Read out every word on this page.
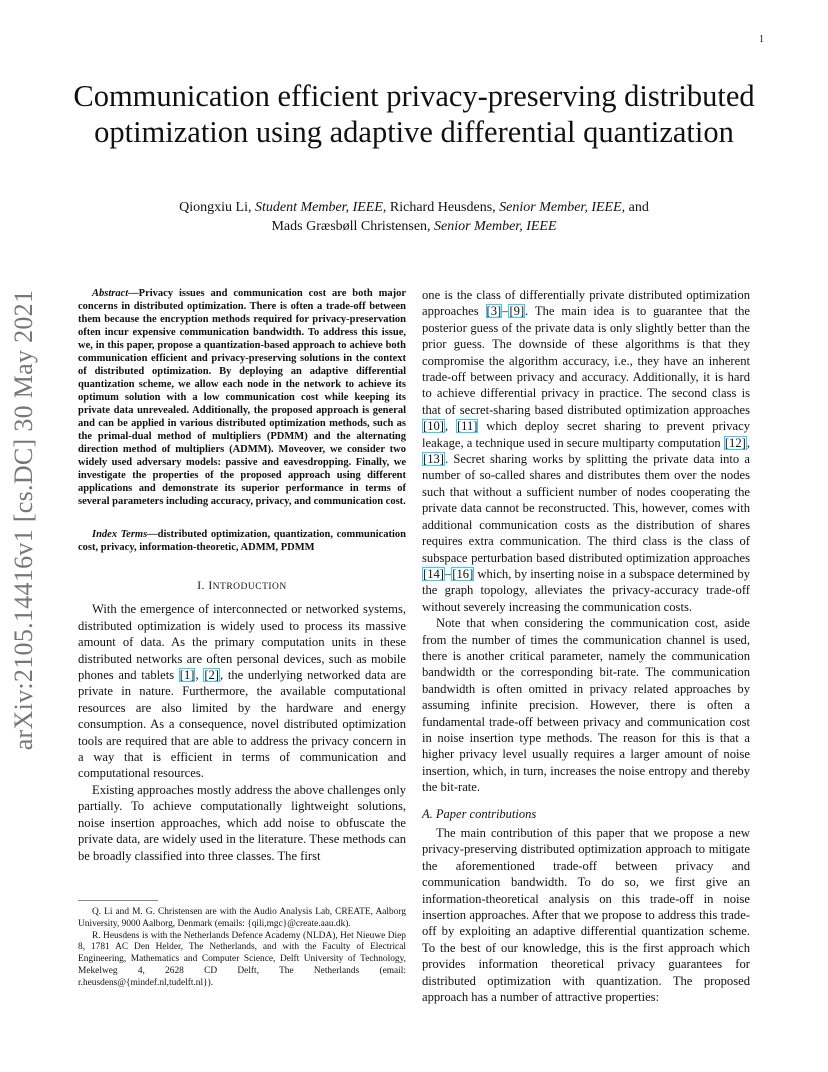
1
arXiv:2105.14416v1 [cs.DC] 30 May 2021
Communication efficient privacy-preserving distributed optimization using adaptive differential quantization
Qiongxiu Li, Student Member, IEEE, Richard Heusdens, Senior Member, IEEE, and
Mads Græsbøll Christensen, Senior Member, IEEE

Abstract—Privacy issues and communication cost are both major concerns in distributed optimization. There is often a trade-off between them because the encryption methods required for privacy-preservation often incur expensive communication bandwidth. To address this issue, we, in this paper, propose a quantization-based approach to achieve both communication efficient and privacy-preserving solutions in the context of distributed optimization. By deploying an adaptive differential quantization scheme, we allow each node in the network to achieve its optimum solution with a low communication cost while keeping its private data unrevealed. Additionally, the proposed approach is general and can be applied in various distributed optimization methods, such as the primal-dual method of multipliers (PDMM) and the alternating direction method of multipliers (ADMM). Moveover, we consider two widely used adversary models: passive and eavesdropping. Finally, we investigate the properties of the proposed approach using different applications and demonstrate its superior performance in terms of several parameters including accuracy, privacy, and communication cost.

Index Terms—distributed optimization, quantization, communication cost, privacy, information-theoretic, ADMM, PDMM

I. INTRODUCTION

With the emergence of interconnected or networked systems, distributed optimization is widely used to process its massive amount of data. As the primary computation units in these distributed networks are often personal devices, such as mobile phones and tablets [1], [2], the underlying networked data are private in nature. Furthermore, the available computational resources are also limited by the hardware and energy consumption. As a consequence, novel distributed optimization tools are required that are able to address the privacy concern in a way that is efficient in terms of communication and computational resources.

Existing approaches mostly address the above challenges only partially. To achieve computationally lightweight solutions, noise insertion approaches, which add noise to obfuscate the private data, are widely used in the literature. These methods can be broadly classified into three classes. The first

Q. Li and M. G. Christensen are with the Audio Analysis Lab, CREATE, Aalborg University, 9000 Aalborg, Denmark (emails: {qili,mgc}@create.aau.dk).

R. Heusdens is with the Netherlands Defence Academy (NLDA), Het Nieuwe Diep 8, 1781 AC Den Helder, The Netherlands, and with the Faculty of Electrical Engineering, Mathematics and Computer Science, Delft University of Technology, Mekelweg 4, 2628 CD Delft, The Netherlands (email: r.heusdens@{mindef.nl,tudelft.nl}).

one is the class of differentially private distributed optimization approaches [3]–[9]. The main idea is to guarantee that the posterior guess of the private data is only slightly better than the prior guess. The downside of these algorithms is that they compromise the algorithm accuracy, i.e., they have an inherent trade-off between privacy and accuracy. Additionally, it is hard to achieve differential privacy in practice. The second class is that of secret-sharing based distributed optimization approaches [10], [11] which deploy secret sharing to prevent privacy leakage, a technique used in secure multiparty computation [12], [13]. Secret sharing works by splitting the private data into a number of so-called shares and distributes them over the nodes such that without a sufficient number of nodes cooperating the private data cannot be reconstructed. This, however, comes with additional communication costs as the distribution of shares requires extra communication. The third class is the class of subspace perturbation based distributed optimization approaches [14]–[16] which, by inserting noise in a subspace determined by the graph topology, alleviates the privacy-accuracy trade-off without severely increasing the communication costs.

Note that when considering the communication cost, aside from the number of times the communication channel is used, there is another critical parameter, namely the communication bandwidth or the corresponding bit-rate. The communication bandwidth is often omitted in privacy related approaches by assuming infinite precision. However, there is often a fundamental trade-off between privacy and communication cost in noise insertion type methods. The reason for this is that a higher privacy level usually requires a larger amount of noise insertion, which, in turn, increases the noise entropy and thereby the bit-rate.

A. Paper contributions

The main contribution of this paper that we propose a new privacy-preserving distributed optimization approach to mitigate the aforementioned trade-off between privacy and communication bandwidth. To do so, we first give an information-theoretical analysis on this trade-off in noise insertion approaches. After that we propose to address this trade-off by exploiting an adaptive differential quantization scheme. To the best of our knowledge, this is the first approach which provides information theoretical privacy guarantees for distributed optimization with quantization. The proposed approach has a number of attractive properties:
